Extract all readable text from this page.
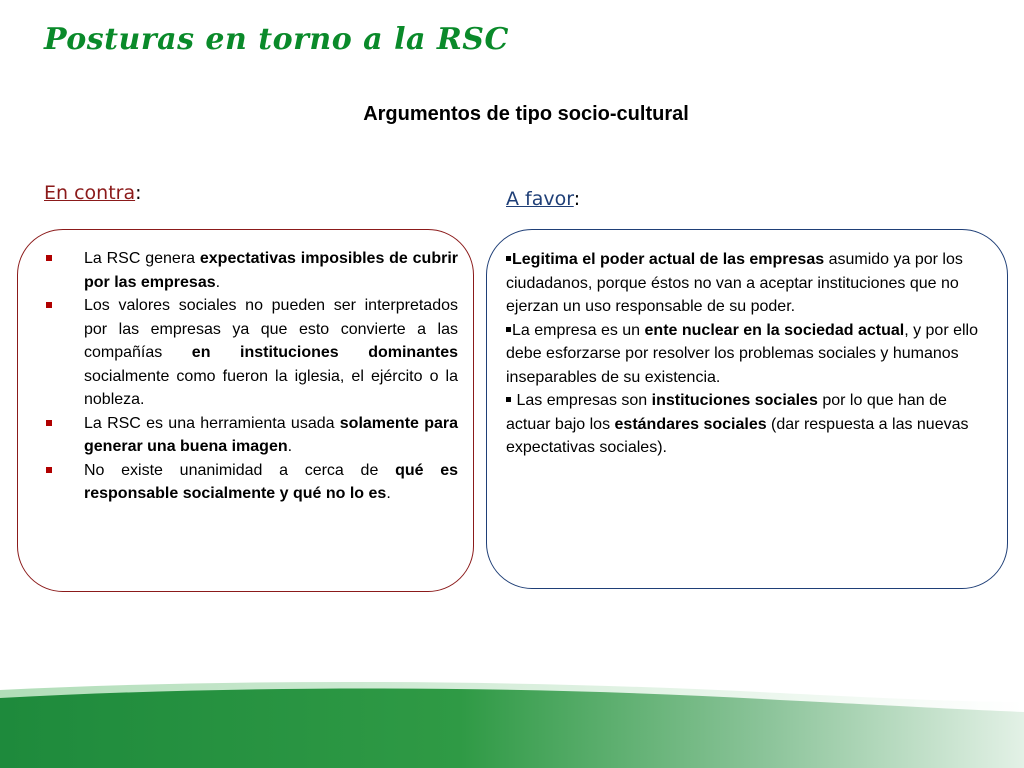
Posturas en torno a la RSC
Argumentos de tipo socio-cultural
En contra:	A favor:
La RSC genera expectativas imposibles de cubrir por las empresas.
Los valores sociales no pueden ser interpretados por las empresas ya que esto convierte a las compañías en instituciones dominantes socialmente como fueron la iglesia, el ejército o la nobleza.
La RSC es una herramienta usada solamente para generar una buena imagen.
No existe unanimidad a cerca de qué es responsable socialmente y qué no lo es.

Legitima el poder actual de las empresas asumido ya por los ciudadanos, porque éstos no van a aceptar instituciones que no ejerzan un uso responsable de su poder.

La empresa es un ente nuclear en la sociedad actual, y por ello debe esforzarse por resolver los problemas sociales y humanos inseparables de su existencia.

Las empresas son instituciones sociales por lo que han de actuar bajo los estándares sociales (dar respuesta a las nuevas expectativas sociales).
